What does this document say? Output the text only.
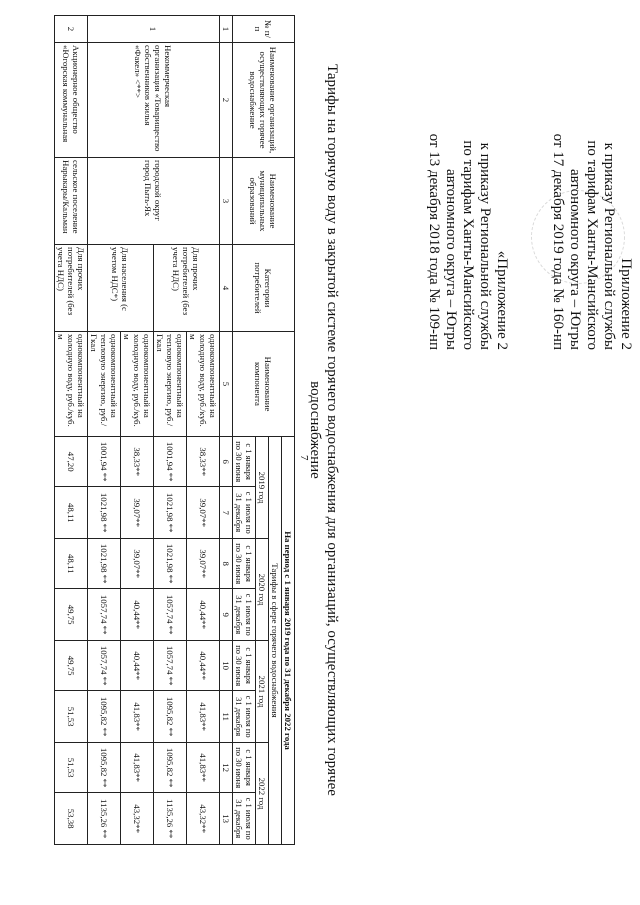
Приложение 2
к приказу Региональной службы
по тарифам Ханты-Мансийского
автономного округа – Югры
от 17 декабря 2019 года № 160-нп
«Приложение 2
к приказу Региональной службы
по тарифам Ханты-Мансийского
автономного округа – Югры
от 13 декабря 2018 года № 109-нп
7 Тарифы на горячую воду в закрытой системе горячего водоснабжения для организаций, осуществляющих горячее водоснабжение
№ п/п	Наименование организаций, осуществляющих горячее водоснабжение	Наименование муниципальных образований	Категории потребителей	Наименование компонента	На период с 1 января 2019 года по 31 декабря 2022 года							
					Тарифы в сфере горячего водоснабжения							
					2019 год		2020 год		2021 год		2022 год	
					с 1 января по 30 июня	с 1 июля по 31 декабря	с 1 января по 30 июня	с 1 июля по 31 декабря	с 1 января по 30 июня	с 1 июля по 31 декабря	с 1 января по 30 июня	с 1 июля по 31 декабря
1	2	3	4	5	6	7	8	9	10	11	12	13
1	Некоммерческая организация «Товарищество собственников жилья «Факел» <**>	городской округ город Пыть-Ях	Для прочих потребителей (без учета НДС)	однокомпонентный на холодную воду, руб./куб. м	38,33**	39,07**	39,07**	40,44**	40,44**	41,83**	41,83**	43,32**
				однокомпонентный на тепловую энергию, руб./Гкал	1001,94 **	1021,98 **	1021,98 **	1057,74 **	1057,74 **	1095,82 **	1095,82 **	1135,26 **
			Для населения (с учетом НДС*)	однокомпонентный на холодную воду, руб./куб. м	38,33**	39,07**	39,07**	40,44**	40,44**	41,83**	41,83**	43,32**
				однокомпонентный на тепловую энергию, руб./Гкал	1001,94 **	1021,98 **	1021,98 **	1057,74 **	1057,74 **	1095,82 **	1095,82 **	1135,26 **
2	Акционерное общество «Югорская коммунальная	сельское поселение Нарыкары/Кальман	Для прочих потребителей (без учета НДС)	однокомпонентный на холодную воду, руб./куб. м	47,20	48,11	48,11	49,75	49,75	51,53	51,53	53,38
